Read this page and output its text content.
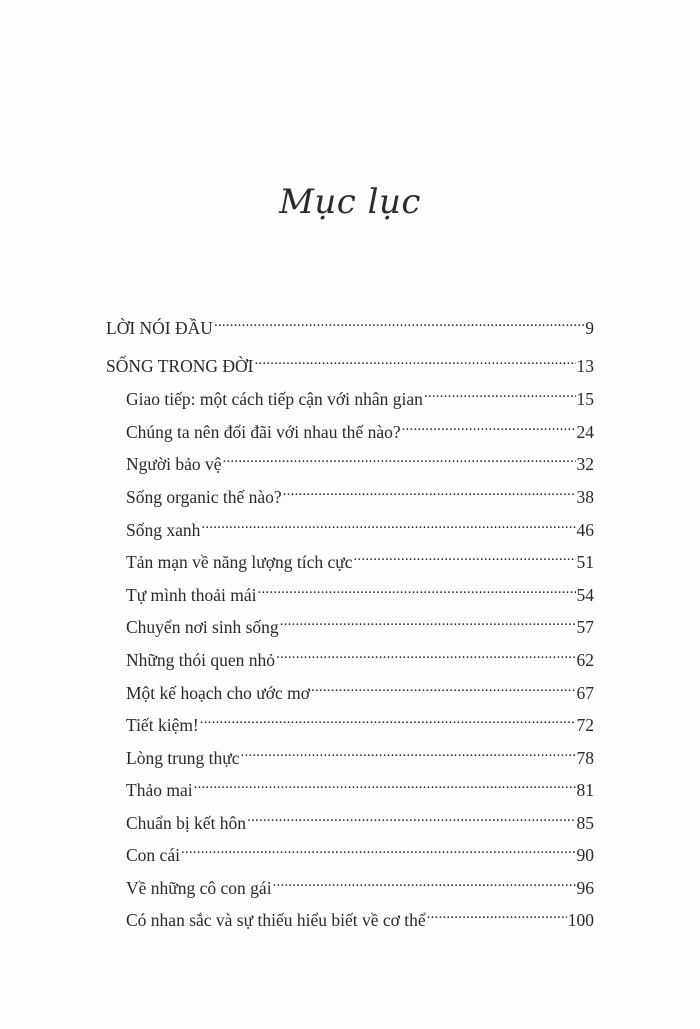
Mục lục
LỜI NÓI ĐẦU .....	9
SỐNG TRONG ĐỜI .....	13
Giao tiếp: một cách tiếp cận với nhân gian .....	15
Chúng ta nên đối đãi với nhau thế nào? .....	24
Người bảo vệ .....	32
Sống organic thế nào? .....	38
Sống xanh .....	46
Tản mạn về năng lượng tích cực .....	51
Tự mình thoải mái .....	54
Chuyển nơi sinh sống .....	57
Những thói quen nhỏ .....	62
Một kế hoạch cho ước mơ .....	67
Tiết kiệm! .....	72
Lòng trung thực .....	78
Thảo mai .....	81
Chuẩn bị kết hôn .....	85
Con cái .....	90
Về những cô con gái .....	96
Có nhan sắc và sự thiếu hiểu biết về cơ thể .....	100
